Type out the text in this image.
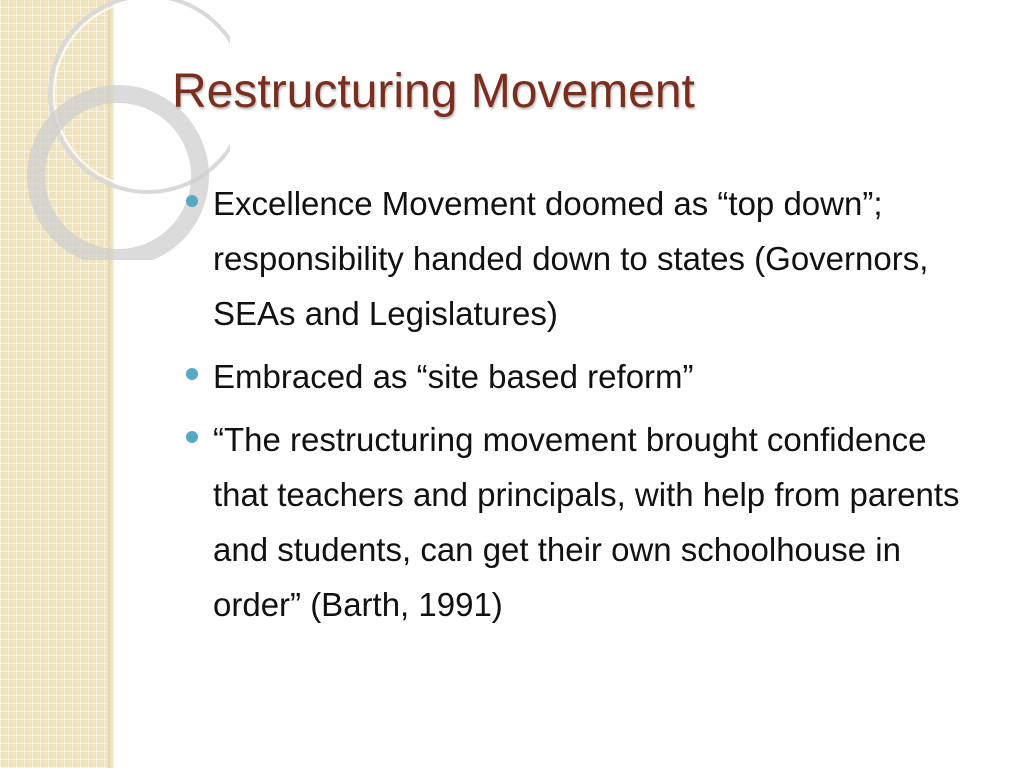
Restructuring Movement
Excellence Movement doomed as “top down”; responsibility handed down to states (Governors, SEAs and Legislatures)
Embraced as “site based reform”
“The restructuring movement brought confidence that teachers and principals, with help from parents and students, can get their own schoolhouse in order” (Barth, 1991)
